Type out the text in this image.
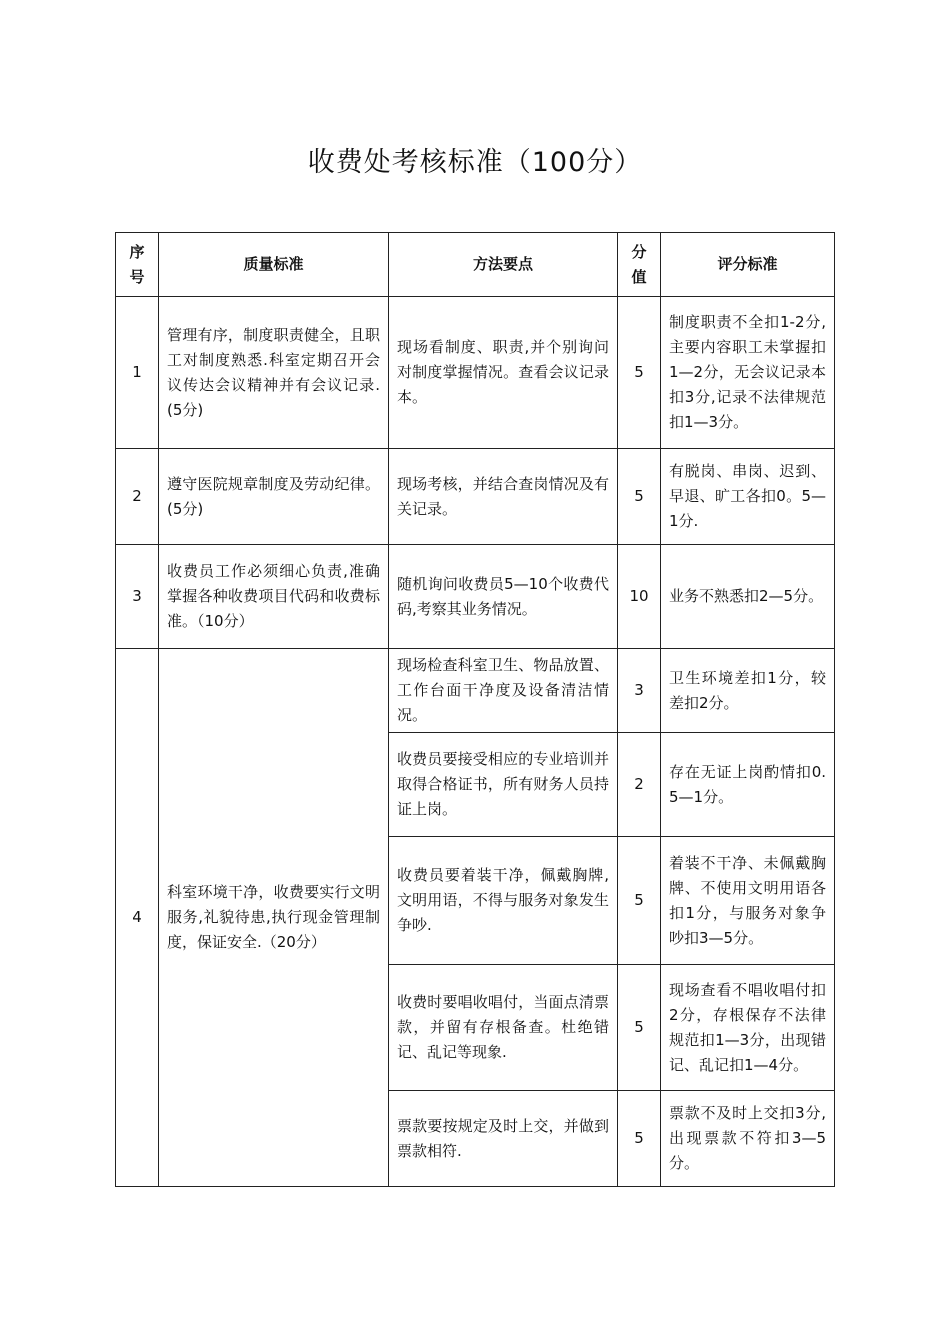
收费处考核标准（100分）
序号	质量标准	方法要点	分值	评分标准
1	管理有序，制度职责健全，且职工对制度熟悉.科室定期召开会议传达会议精神并有会议记录.(5分)	现场看制度、职责,并个别询问对制度掌握情况。查看会议记录本。	5	制度职责不全扣1-2分,主要内容职工未掌握扣1—2分，无会议记录本扣3分,记录不法律规范扣1—3分。
2	遵守医院规章制度及劳动纪律。(5分)	现场考核，并结合查岗情况及有关记录。	5	有脱岗、串岗、迟到、早退、旷工各扣0。5—1分.
3	收费员工作必须细心负责,准确掌握各种收费项目代码和收费标准。（10分）	随机询问收费员5—10个收费代码,考察其业务情况。	10	业务不熟悉扣2—5分。
4	科室环境干净，收费要实行文明服务,礼貌待患,执行现金管理制度，保证安全.（20分）	现场检查科室卫生、物品放置、工作台面干净度及设备清洁情况。	3	卫生环境差扣1分，较差扣2分。
		收费员要接受相应的专业培训并取得合格证书，所有财务人员持证上岗。	2	存在无证上岗酌情扣0.5—1分。
		收费员要着装干净，佩戴胸牌,文明用语，不得与服务对象发生争吵.	5	着装不干净、未佩戴胸牌、不使用文明用语各扣1分，与服务对象争吵扣3—5分。
		收费时要唱收唱付，当面点清票款，并留有存根备查。杜绝错记、乱记等现象.	5	现场查看不唱收唱付扣2分，存根保存不法律规范扣1—3分，出现错记、乱记扣1—4分。
		票款要按规定及时上交，并做到票款相符.	5	票款不及时上交扣3分,出现票款不符扣3—5分。
